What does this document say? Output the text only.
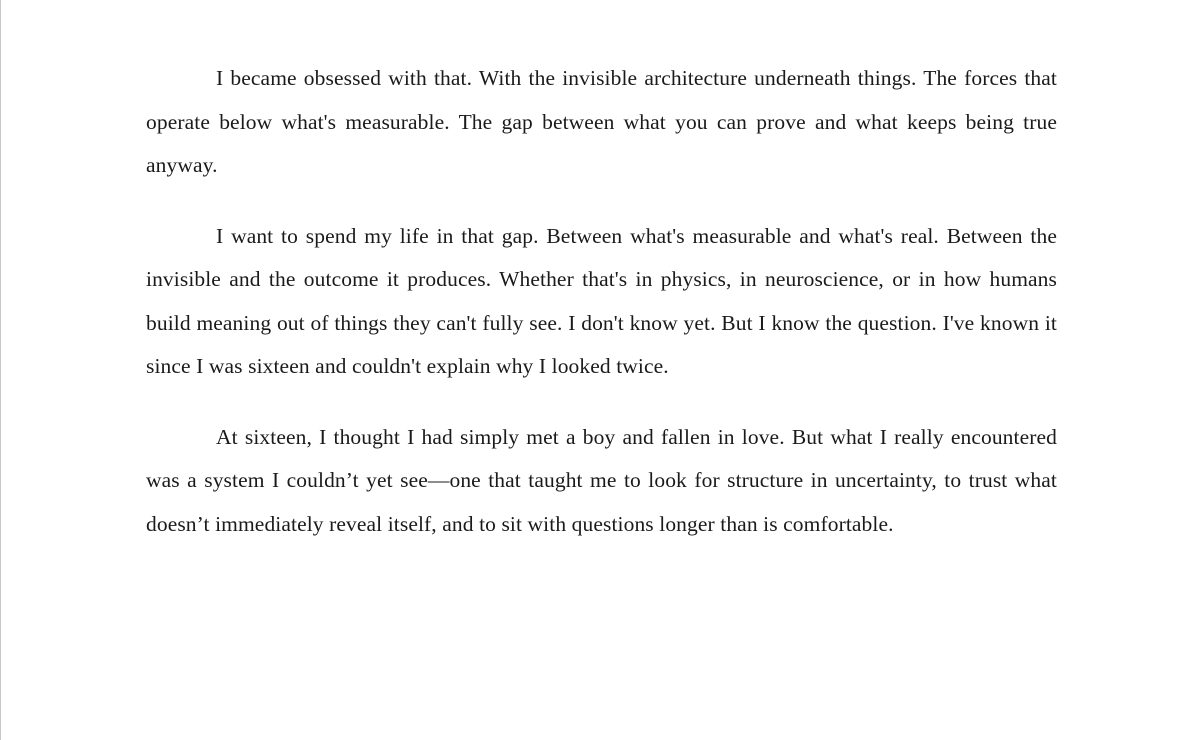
I became obsessed with that. With the invisible architecture underneath things. The forces that operate below what's measurable. The gap between what you can prove and what keeps being true anyway.

I want to spend my life in that gap. Between what's measurable and what's real. Between the invisible and the outcome it produces. Whether that's in physics, in neuroscience, or in how humans build meaning out of things they can't fully see. I don't know yet. But I know the question. I've known it since I was sixteen and couldn't explain why I looked twice.

At sixteen, I thought I had simply met a boy and fallen in love. But what I really encountered was a system I couldn’t yet see—one that taught me to look for structure in uncertainty, to trust what doesn’t immediately reveal itself, and to sit with questions longer than is comfortable.
